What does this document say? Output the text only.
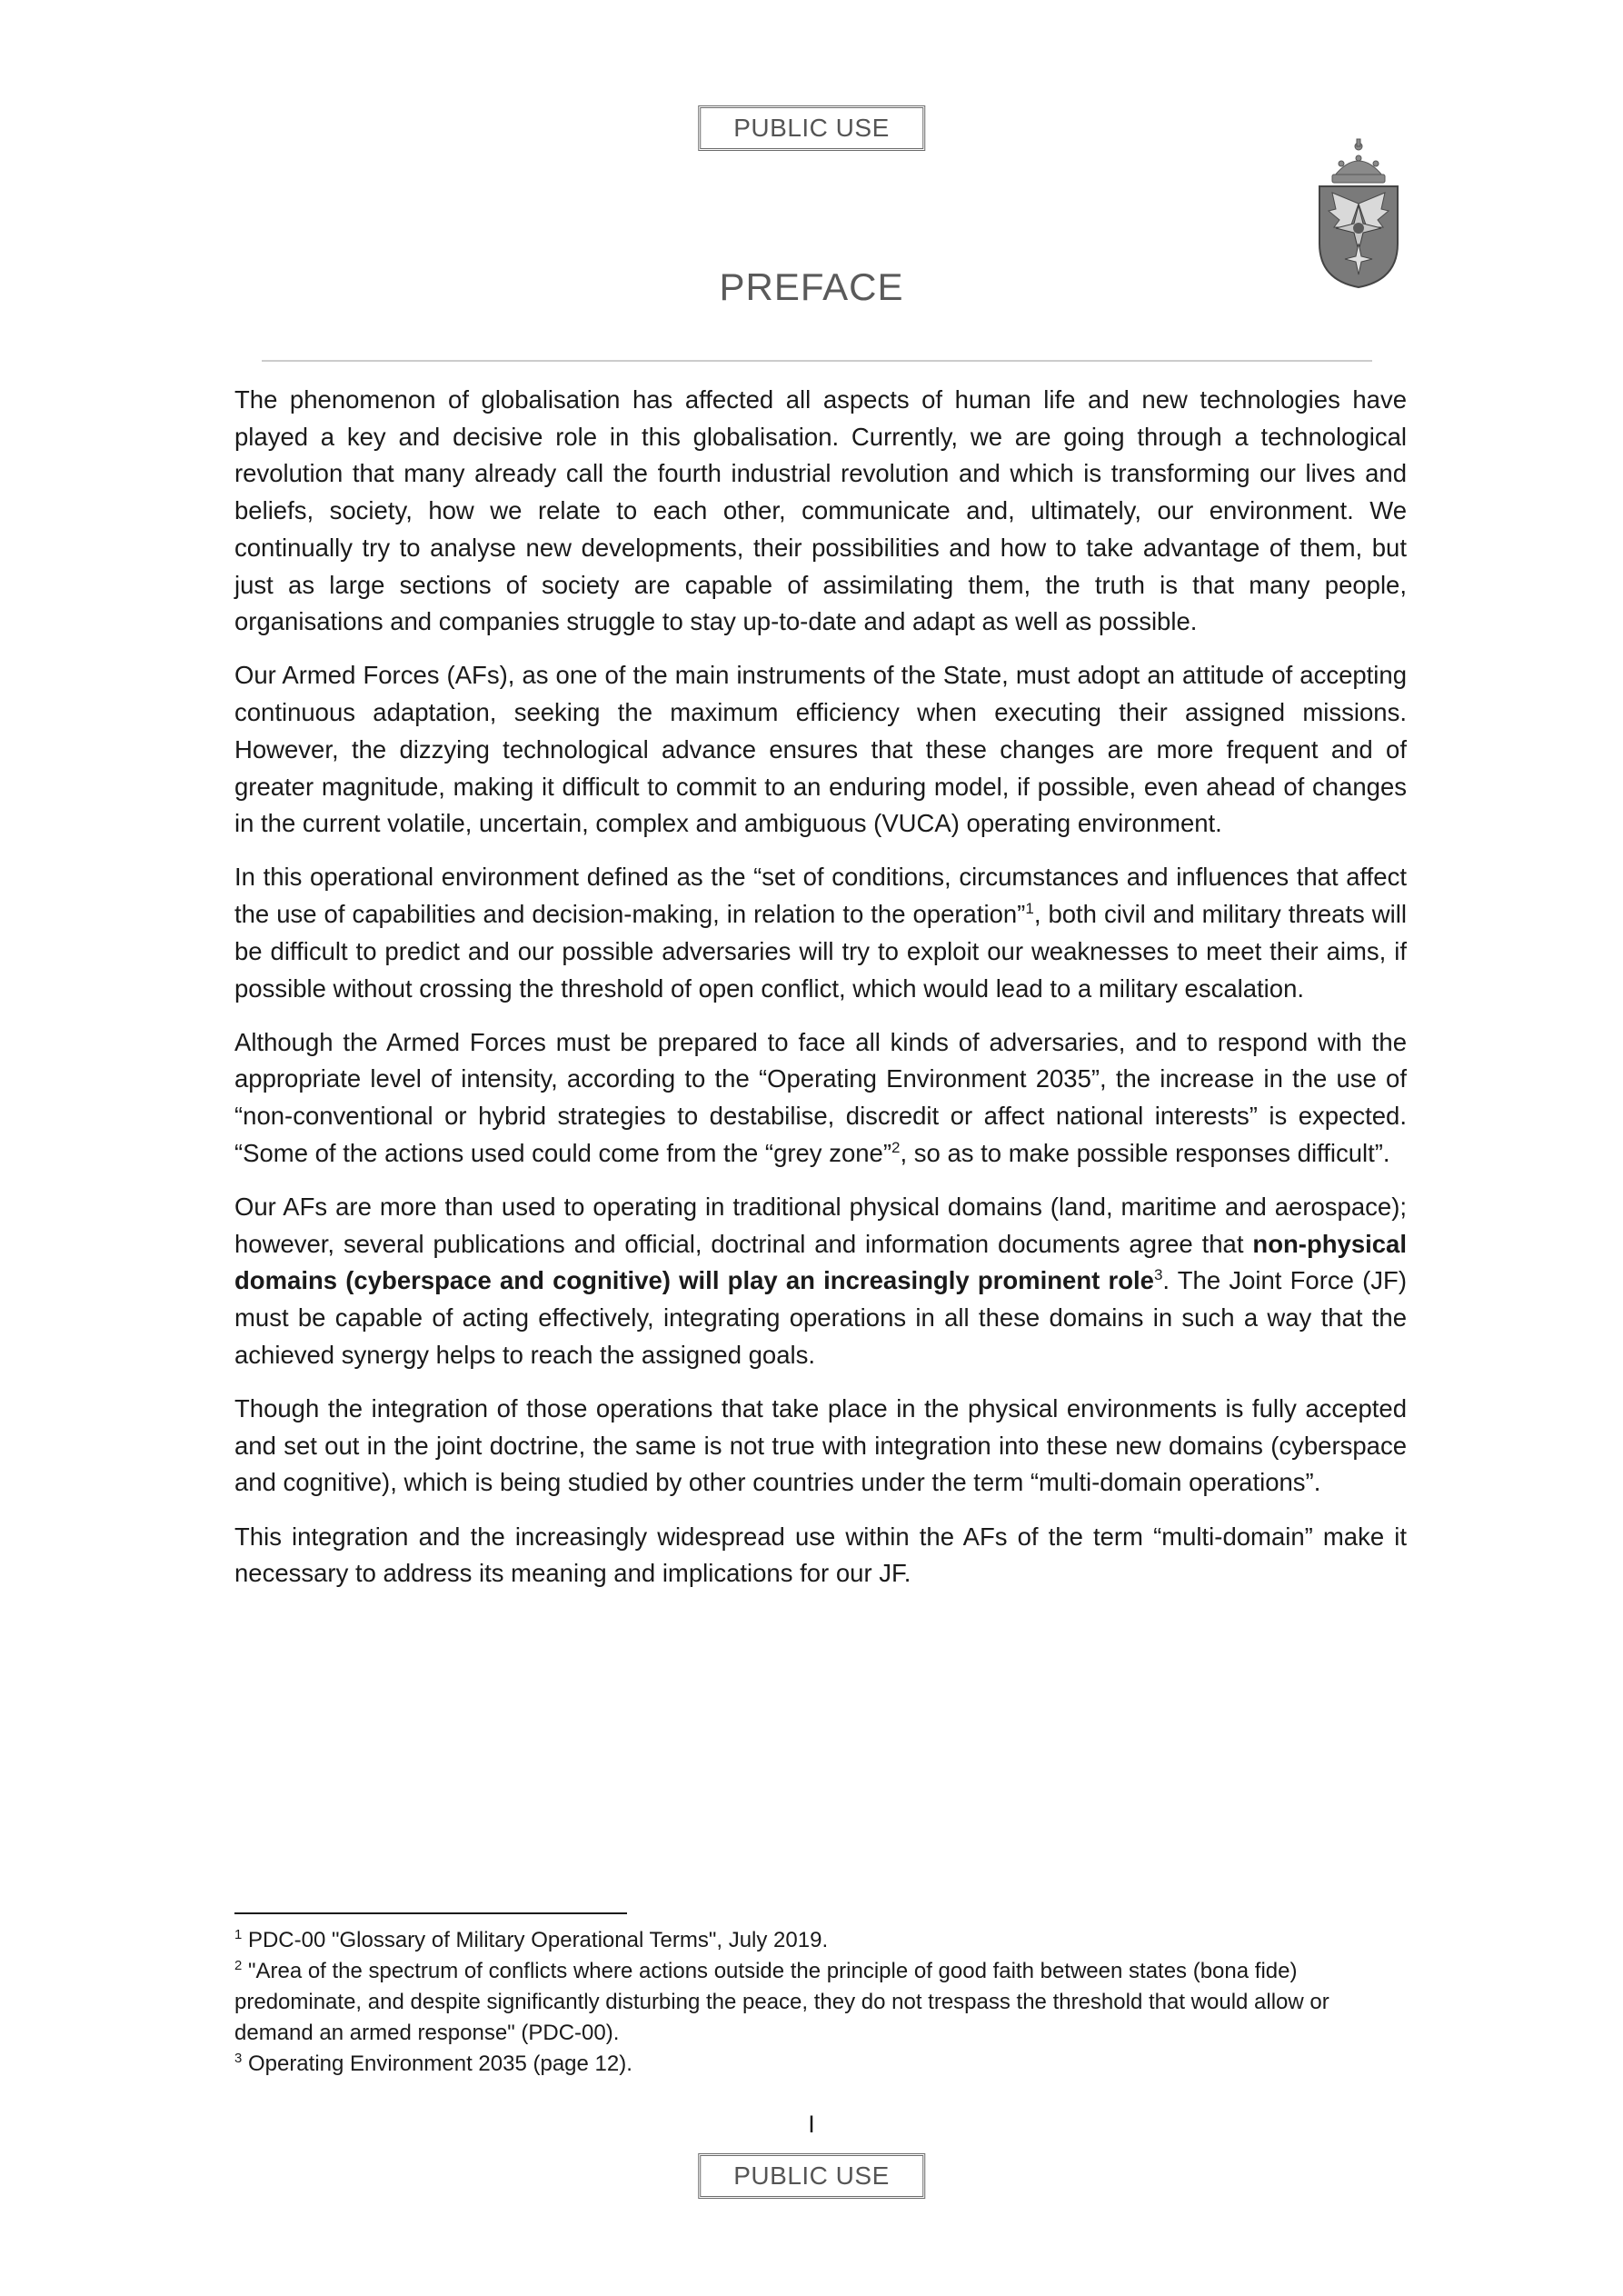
PUBLIC USE
PREFACE

The phenomenon of globalisation has affected all aspects of human life and new technologies have played a key and decisive role in this globalisation. Currently, we are going through a technological revolution that many already call the fourth industrial revolution and which is transforming our lives and beliefs, society, how we relate to each other, communicate and, ultimately, our environment. We continually try to analyse new developments, their possibilities and how to take advantage of them, but just as large sections of society are capable of assimilating them, the truth is that many people, organisations and companies struggle to stay up-to-date and adapt as well as possible.

Our Armed Forces (AFs), as one of the main instruments of the State, must adopt an attitude of accepting continuous adaptation, seeking the maximum efficiency when executing their assigned missions. However, the dizzying technological advance ensures that these changes are more frequent and of greater magnitude, making it difficult to commit to an enduring model, if possible, even ahead of changes in the current volatile, uncertain, complex and ambiguous (VUCA) operating environment.

In this operational environment defined as the “set of conditions, circumstances and influences that affect the use of capabilities and decision-making, in relation to the operation”$^1$, both civil and military threats will be difficult to predict and our possible adversaries will try to exploit our weaknesses to meet their aims, if possible without crossing the threshold of open conflict, which would lead to a military escalation.

Although the Armed Forces must be prepared to face all kinds of adversaries, and to respond with the appropriate level of intensity, according to the “Operating Environment 2035”, the increase in the use of “non-conventional or hybrid strategies to destabilise, discredit or affect national interests” is expected. “Some of the actions used could come from the “grey zone”$^2$, so as to make possible responses difficult”.

Our AFs are more than used to operating in traditional physical domains (land, maritime and aerospace); however, several publications and official, doctrinal and information documents agree that non-physical domains (cyberspace and cognitive) will play an increasingly prominent role$^3$. The Joint Force (JF) must be capable of acting effectively, integrating operations in all these domains in such a way that the achieved synergy helps to reach the assigned goals.

Though the integration of those operations that take place in the physical environments is fully accepted and set out in the joint doctrine, the same is not true with integration into these new domains (cyberspace and cognitive), which is being studied by other countries under the term “multi-domain operations”.

This integration and the increasingly widespread use within the AFs of the term “multi-domain” make it necessary to address its meaning and implications for our JF.

$^1$ PDC-00 "Glossary of Military Operational Terms", July 2019.

$^2$ "Area of the spectrum of conflicts where actions outside the principle of good faith between states (bona fide) predominate, and despite significantly disturbing the peace, they do not trespass the threshold that would allow or demand an armed response" (PDC-00).

$^3$ Operating Environment 2035 (page 12).

I
PUBLIC USE
